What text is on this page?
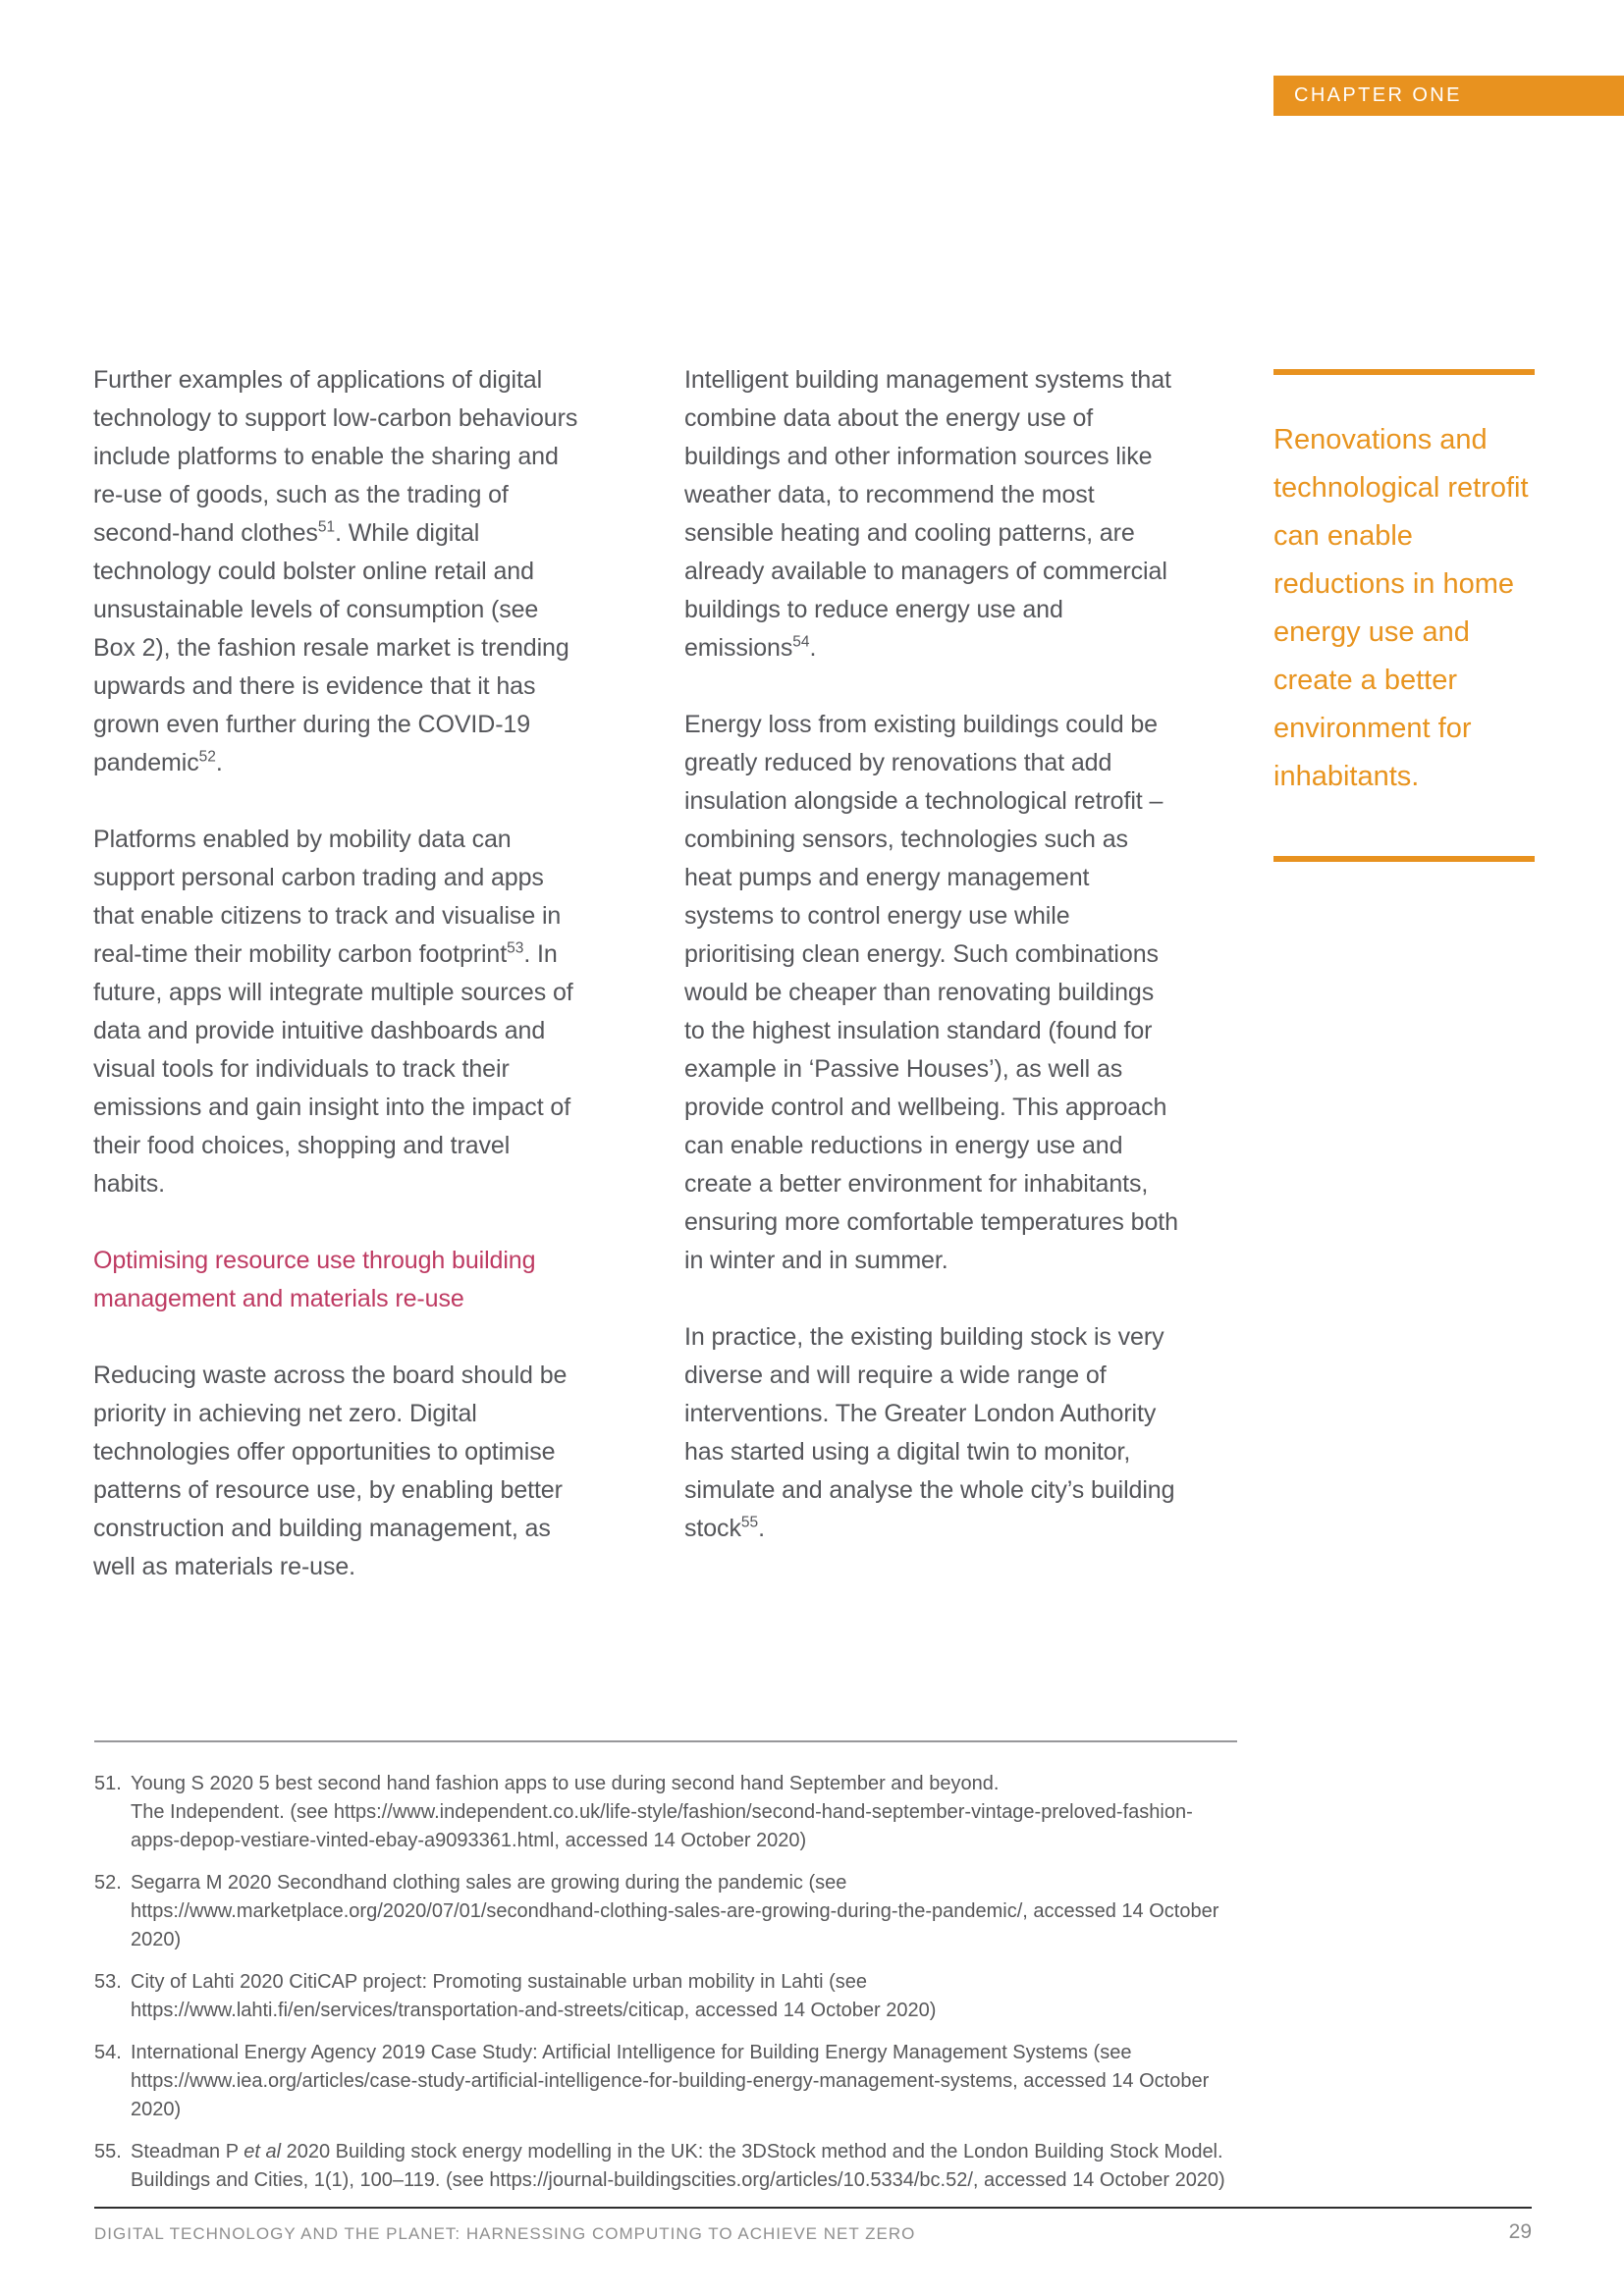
CHAPTER ONE

Further examples of applications of digital technology to support low-carbon behaviours include platforms to enable the sharing and re-use of goods, such as the trading of second-hand clothes$^{51}$. While digital technology could bolster online retail and unsustainable levels of consumption (see Box 2), the fashion resale market is trending upwards and there is evidence that it has grown even further during the COVID-19 pandemic$^{52}$.

Platforms enabled by mobility data can support personal carbon trading and apps that enable citizens to track and visualise in real-time their mobility carbon footprint$^{53}$. In future, apps will integrate multiple sources of data and provide intuitive dashboards and visual tools for individuals to track their emissions and gain insight into the impact of their food choices, shopping and travel habits.

Optimising resource use through building management and materials re-use

Reducing waste across the board should be priority in achieving net zero. Digital technologies offer opportunities to optimise patterns of resource use, by enabling better construction and building management, as well as materials re-use.

Intelligent building management systems that combine data about the energy use of buildings and other information sources like weather data, to recommend the most sensible heating and cooling patterns, are already available to managers of commercial buildings to reduce energy use and emissions$^{54}$.

Energy loss from existing buildings could be greatly reduced by renovations that add insulation alongside a technological retrofit – combining sensors, technologies such as heat pumps and energy management systems to control energy use while prioritising clean energy. Such combinations would be cheaper than renovating buildings to the highest insulation standard (found for example in ‘Passive Houses’), as well as provide control and wellbeing. This approach can enable reductions in energy use and create a better environment for inhabitants, ensuring more comfortable temperatures both in winter and in summer.

In practice, the existing building stock is very diverse and will require a wide range of interventions. The Greater London Authority has started using a digital twin to monitor, simulate and analyse the whole city’s building stock$^{55}$.

Renovations and technological retrofit can enable reductions in home energy use and create a better environment for inhabitants.

51. Young S 2020 5 best second hand fashion apps to use during second hand September and beyond.
The Independent. (see https://www.independent.co.uk/life-style/fashion/second-hand-september-vintage-preloved-fashion-apps-depop-vestiare-vinted-ebay-a9093361.html, accessed 14 October 2020)
52. Segarra M 2020 Secondhand clothing sales are growing during the pandemic (see https://www.marketplace.org/2020/07/01/secondhand-clothing-sales-are-growing-during-the-pandemic/, accessed 14 October 2020)
53. City of Lahti 2020 CitiCAP project: Promoting sustainable urban mobility in Lahti (see https://www.lahti.fi/en/services/transportation-and-streets/citicap, accessed 14 October 2020)
54. International Energy Agency 2019 Case Study: Artificial Intelligence for Building Energy Management Systems (see https://www.iea.org/articles/case-study-artificial-intelligence-for-building-energy-management-systems, accessed 14 October 2020)
55. Steadman P et al 2020 Building stock energy modelling in the UK: the 3DStock method and the London Building Stock Model. Buildings and Cities, 1(1), 100–119. (see https://journal-buildingscities.org/articles/10.5334/bc.52/, accessed 14 October 2020)
DIGITAL TECHNOLOGY AND THE PLANET: HARNESSING COMPUTING TO ACHIEVE NET ZERO	29
